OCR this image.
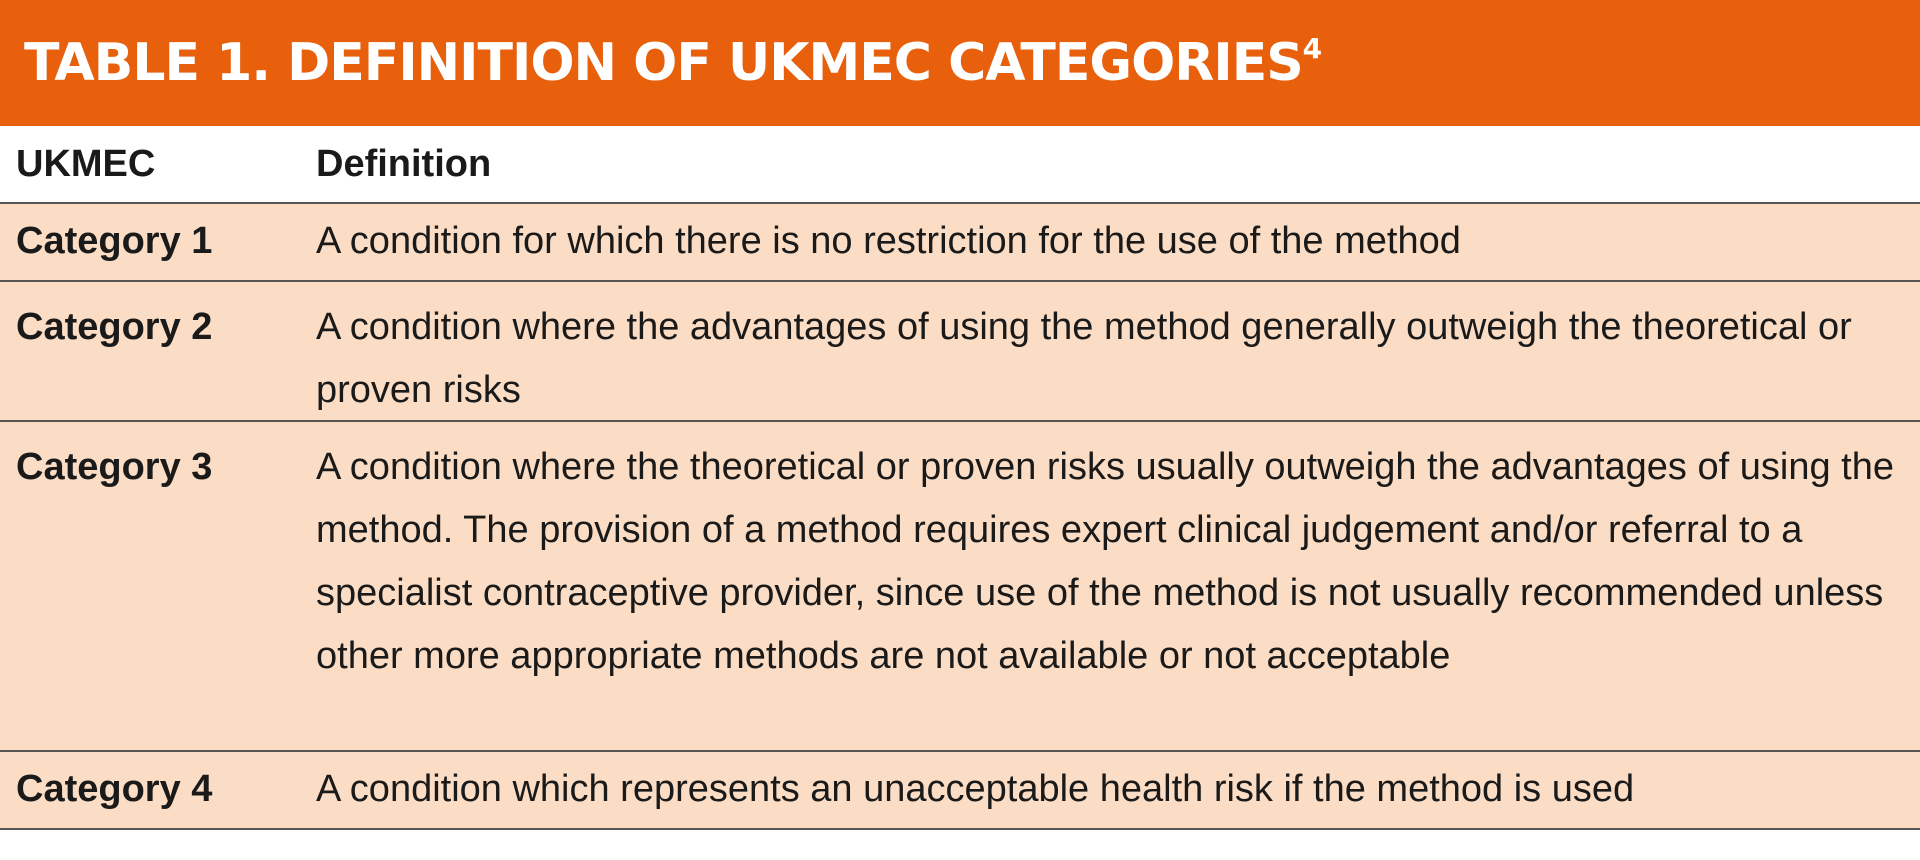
TABLE 1. DEFINITION OF UKMEC CATEGORIES$^4$
UKMEC	Definition
Category 1	A condition for which there is no restriction for the use of the method
Category 2	A condition where the advantages of using the method generally outweigh the theoretical or proven risks
Category 3	A condition where the theoretical or proven risks usually outweigh the advantages of using the method. The provision of a method requires expert clinical judgement and/or referral to a specialist contraceptive provider, since use of the method is not usually recommended unless other more appropriate methods are not available or not acceptable
Category 4	A condition which represents an unacceptable health risk if the method is used
